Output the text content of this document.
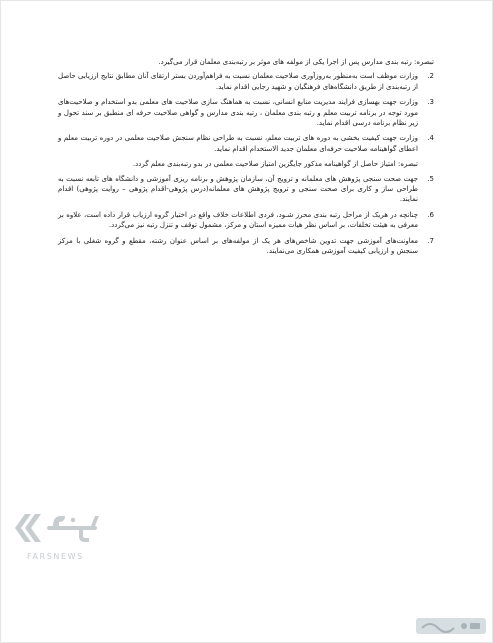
تبصره: رتبه بندی مدارس پس از اجرا یکی از مولفه های موثر بر رتبه‌بندی معلمان قرار می‌گیرد.

2.
وزارت موظف است به‌منظور به‌روزآوری صلاحیت معلمان نسبت به فراهم‌آوردن بستر ارتقای آنان مطابق نتایج ارزیابی حاصل از رتبه‌بندی از طریق دانشگاه‌های فرهنگیان و شهید رجایی اقدام نماید.
3.
وزارت جهت بهسازی فرایند مدیریت منابع انسانی، نسبت به هماهنگ سازی صلاحیت های معلمی بدو استخدام و صلاحیت‌های مورد توجه در برنامه تربیت معلم و رتبه بندی معلمان ، رتبه بندی مدارس و گواهی صلاحیت حرفه ای منطبق بر سند تحول و زیر نظام برنامه درسی اقدام نماید.
4.
وزارت جهت کیفیت بخشی به دوره های تربیت معلم، نسبت به طراحی نظام سنجش صلاحیت معلمی در دوره تربیت معلم و اعطای گواهینامه صلاحیت حرفه‌ای معلمان جدید الاستخدام اقدام نماید.

تبصره: امتیاز حاصل از گواهینامه مذکور جایگزین امتیاز صلاحیت معلمی در بدو رتبه‌بندی معلم گردد.

5.
جهت صحت سنجی پژوهش های معلمانه و ترویج آن، سازمان پژوهش و برنامه ریزی آموزشی و دانشگاه های تابعه نسبت به طراحی ساز و کاری برای صحت سنجی و ترویج پژوهش های معلمانه(درس پژوهی-اقدام پژوهی – روایت پژوهی) اقدام نمایند.
6.
چنانچه در هریک از مراحل رتبه بندی محرز شـود، فردی اطلاعات خلاف واقع در اختیار گروه ارزیاب قرار داده است، علاوه بر معرفی به هیئت تخلفات، بر اساس نظر هیات ممیزه استان و مرکز، مشمول توقف و تنزل رتبه نیز می‌گردد.
7.
معاونت‌های آموزشی جهت تدوین شاخص‌های هر یک از مولفه‌های بر اساس عنوان رشته، مقطع و گروه شغلی با مرکز سنجش و ارزیابی کیفیت آموزشی همکاری می‌نمایند.
FARSNEWS
